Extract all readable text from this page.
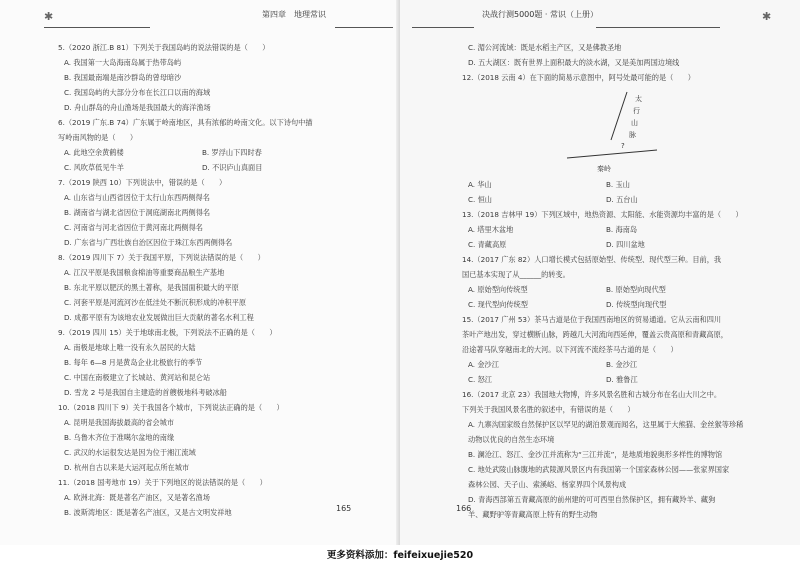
✱	第四章　地理常识

5.（2020 浙江.B 81）下列关于我国岛屿的说法错误的是（　　）

A. 我国第一大岛海南岛属于热带岛屿

B. 我国最南端是南沙群岛的曾母暗沙

C. 我国岛屿的大部分分布在长江口以南的海域

D. 舟山群岛的舟山渔场是我国最大的海洋渔场

6.（2019 广东.B 74）广东属于岭南地区，具有浓郁的岭南文化。以下诗句中描

写岭南风物的是（　　）

A. 此地空余黄鹤楼	B. 罗浮山下四时春
C. 风吹草低见牛羊	D. 不识庐山真面目

7.（2019 陕西 10）下列说法中，错误的是（　　）

A. 山东省与山西省因位于太行山东西两侧得名

B. 湖南省与湖北省因位于洞庭湖南北两侧得名

C. 河南省与河北省因位于黄河南北两侧得名

D. 广东省与广西壮族自治区因位于珠江东西两侧得名

8.（2019 四川下 7）关于我国平原，下列说法错误的是（　　）

A. 江汉平原是我国粮食棉油等重要商品粮生产基地

B. 东北平原以肥沃的黑土著称，是我国面积最大的平原

C. 河套平原是河流河沙在低洼处不断沉积形成的冲积平原

D. 成都平原有为该地农业发展做出巨大贡献的著名水利工程

9.（2019 四川 15）关于地球南北极，下列说法不正确的是（　　）

A. 南极是地球上唯一没有永久居民的大陆

B. 每年 6—8 月是黄岛企业北极旅行的季节

C. 中国在南极建立了长城站、黄河站和昆仑站

D. 雪龙 2 号是我国自主建造的首艘极地科考破冰船

10.（2018 四川下 9）关于我国各个城市，下列说法正确的是（　　）

A. 昆明是我国海拔最高的省会城市

B. 乌鲁木齐位于准噶尔盆地的南缘

C. 武汉的水运很发达是因为位于湘江流域

D. 杭州自古以来是大运河起点所在城市

11.（2018 国考地市 19）关于下列地区的说法错误的是（　　）

A. 欧洲北海：既是著名产油区，又是著名渔场

B. 波斯湾地区：既是著名产油区，又是古文明发祥地	165
决战行测5000题 · 常识（上册）	✱

C. 湄公河流域：既是水稻主产区，又是佛教圣地

D. 五大湖区：既有世界上面积最大的淡水湖，又是美加两国边境线

12.（2018 云南 4）在下面的简易示意图中，阿号处最可能的是（　　）

A. 华山	B. 玉山
C. 恒山	D. 五台山

13.（2018 吉林甲 19）下列区域中，地热资源、太阳能、水能资源均丰富的是（　　）

A. 塔里木盆地	B. 海南岛
C. 青藏高原	D. 四川盆地

14.（2017 广东 82）人口增长模式包括原始型、传统型、现代型三种。目前，我

国已基本实现了从______的转变。

A. 原始型向传统型	B. 原始型向现代型
C. 现代型向传统型	D. 传统型向现代型

15.（2017 广州 53）茶马古道是位于我国西南地区的贸易通道。它从云南和四川

茶叶产地出发，穿过横断山脉，跨越几大河流向西延伸，覆盖云贵高原和青藏高原，

沿途著马队穿越南北的大河。以下河流不流经茶马古道的是（　　）

A. 金沙江	B. 金沙江
C. 怒江	D. 雅鲁江

16.（2017 北京 23）我国地大物博，许多风景名胜和古城分布在名山大川之中。

下列关于我国风景名胜的叙述中，有错误的是（　　）

A. 九寨沟国家级自然保护区以罕见的湖泊景观而闻名，这里属于大熊猫、金丝猴等珍稀

动物以优良的自然生态环境

B. 澜沧江、怒江、金沙江并流称为“三江并流”，是地质地貌奥形多样性的博物馆

C. 地处武陵山脉腹地的武陵源风景区内有我国第一个国家森林公园——张家界国家

森林公园、天子山、索溪峪、杨家界四个风景构成

D. 青海西部第五青藏高原的前州建的可可西里自然保护区，拥有藏羚羊、藏狗

羊、藏野驴等青藏高原上特有的野生动物

166
太
行
山
脉
?
秦岭
更多资料添加：feifeixuejie520
